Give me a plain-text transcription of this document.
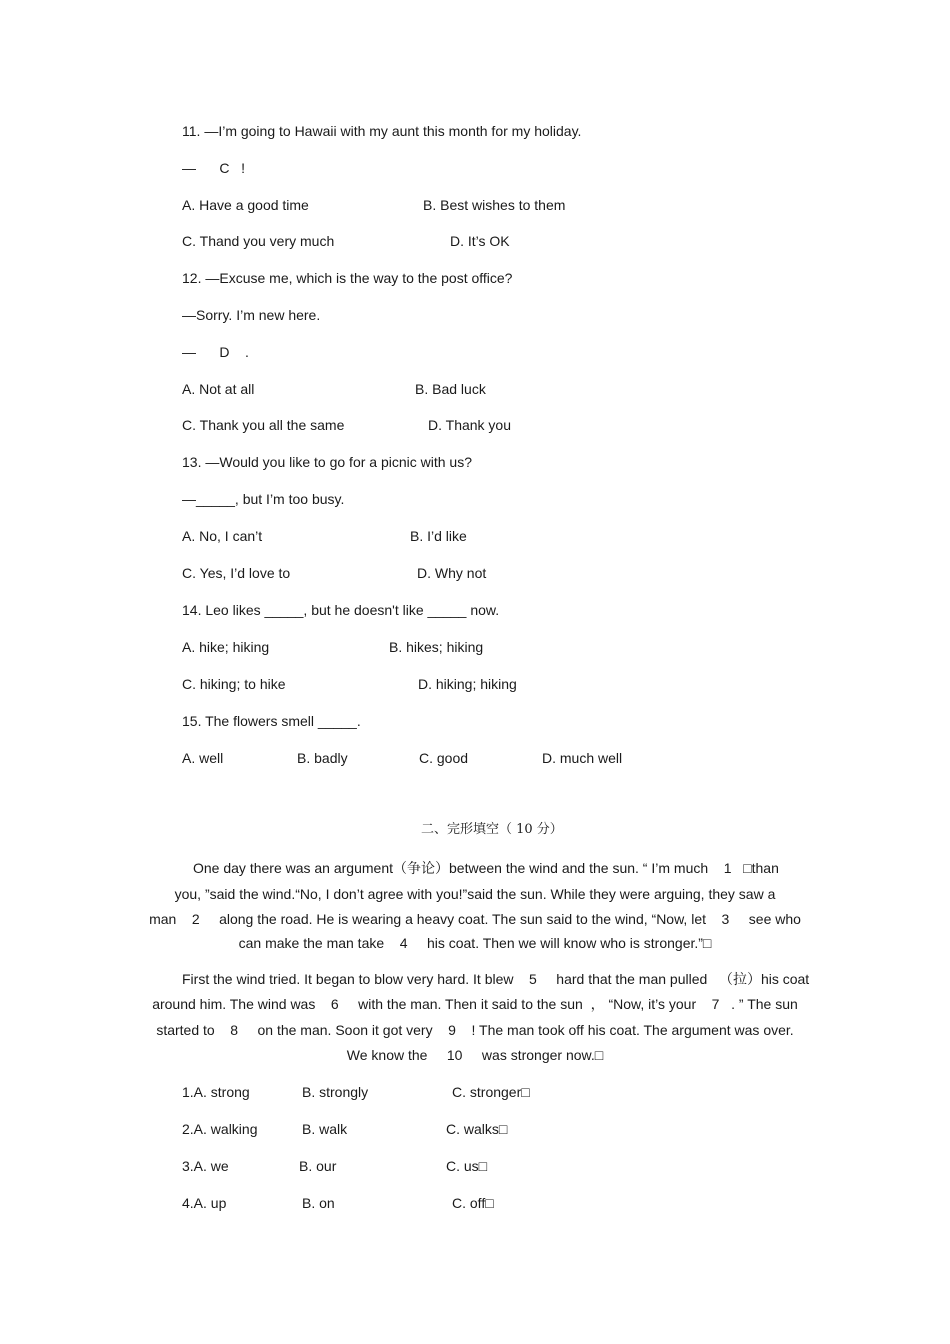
11. —I’m going to Hawaii with my aunt this month for my holiday.
—      C   !
A. Have a good time	B. Best wishes to them
C. Thand you very much	D. It’s OK
12. —Excuse me, which is the way to the post office?
—Sorry. I’m new here.
—      D    .
A. Not at all	B. Bad luck
C. Thank you all the same	D. Thank you
13. —Would you like to go for a picnic with us?
—_____, but I’m too busy.
A. No, I can’t	B. I’d like
C. Yes, I’d love to	D. Why not
14. Leo likes _____, but he doesn't like _____ now.
A. hike; hiking	B. hikes; hiking
C. hiking; to hike	D. hiking; hiking
15. The flowers smell _____.
A. well	B. badly	C. good	D. much well
二、完形填空（ 10 分）
One day there was an argument（争论）between the wind and the sun. “ I’m much    1   □than
you, ”said the wind.“No, I don’t agree with you!”said the sun. While they were arguing, they saw a
man    2     along the road. He is wearing a heavy coat. The sun said to the wind, “Now, let    3     see who
can make the man take    4     his coat. Then we will know who is stronger.”□
First the wind tried. It began to blow very hard. It blew    5     hard that the man pulled   （拉）his coat
around him. The wind was    6     with the man. Then it said to the sun  ， “Now, it’s your    7   . ” The sun
started to    8     on the man. Soon it got very    9    ! The man took off his coat. The argument was over.
We know the     10     was stronger now.□
1.A. strong	B. strongly	C. stronger□
2.A. walking	B. walk	C. walks□
3.A. we	B. our	C. us□
4.A. up	B. on	C. off□
